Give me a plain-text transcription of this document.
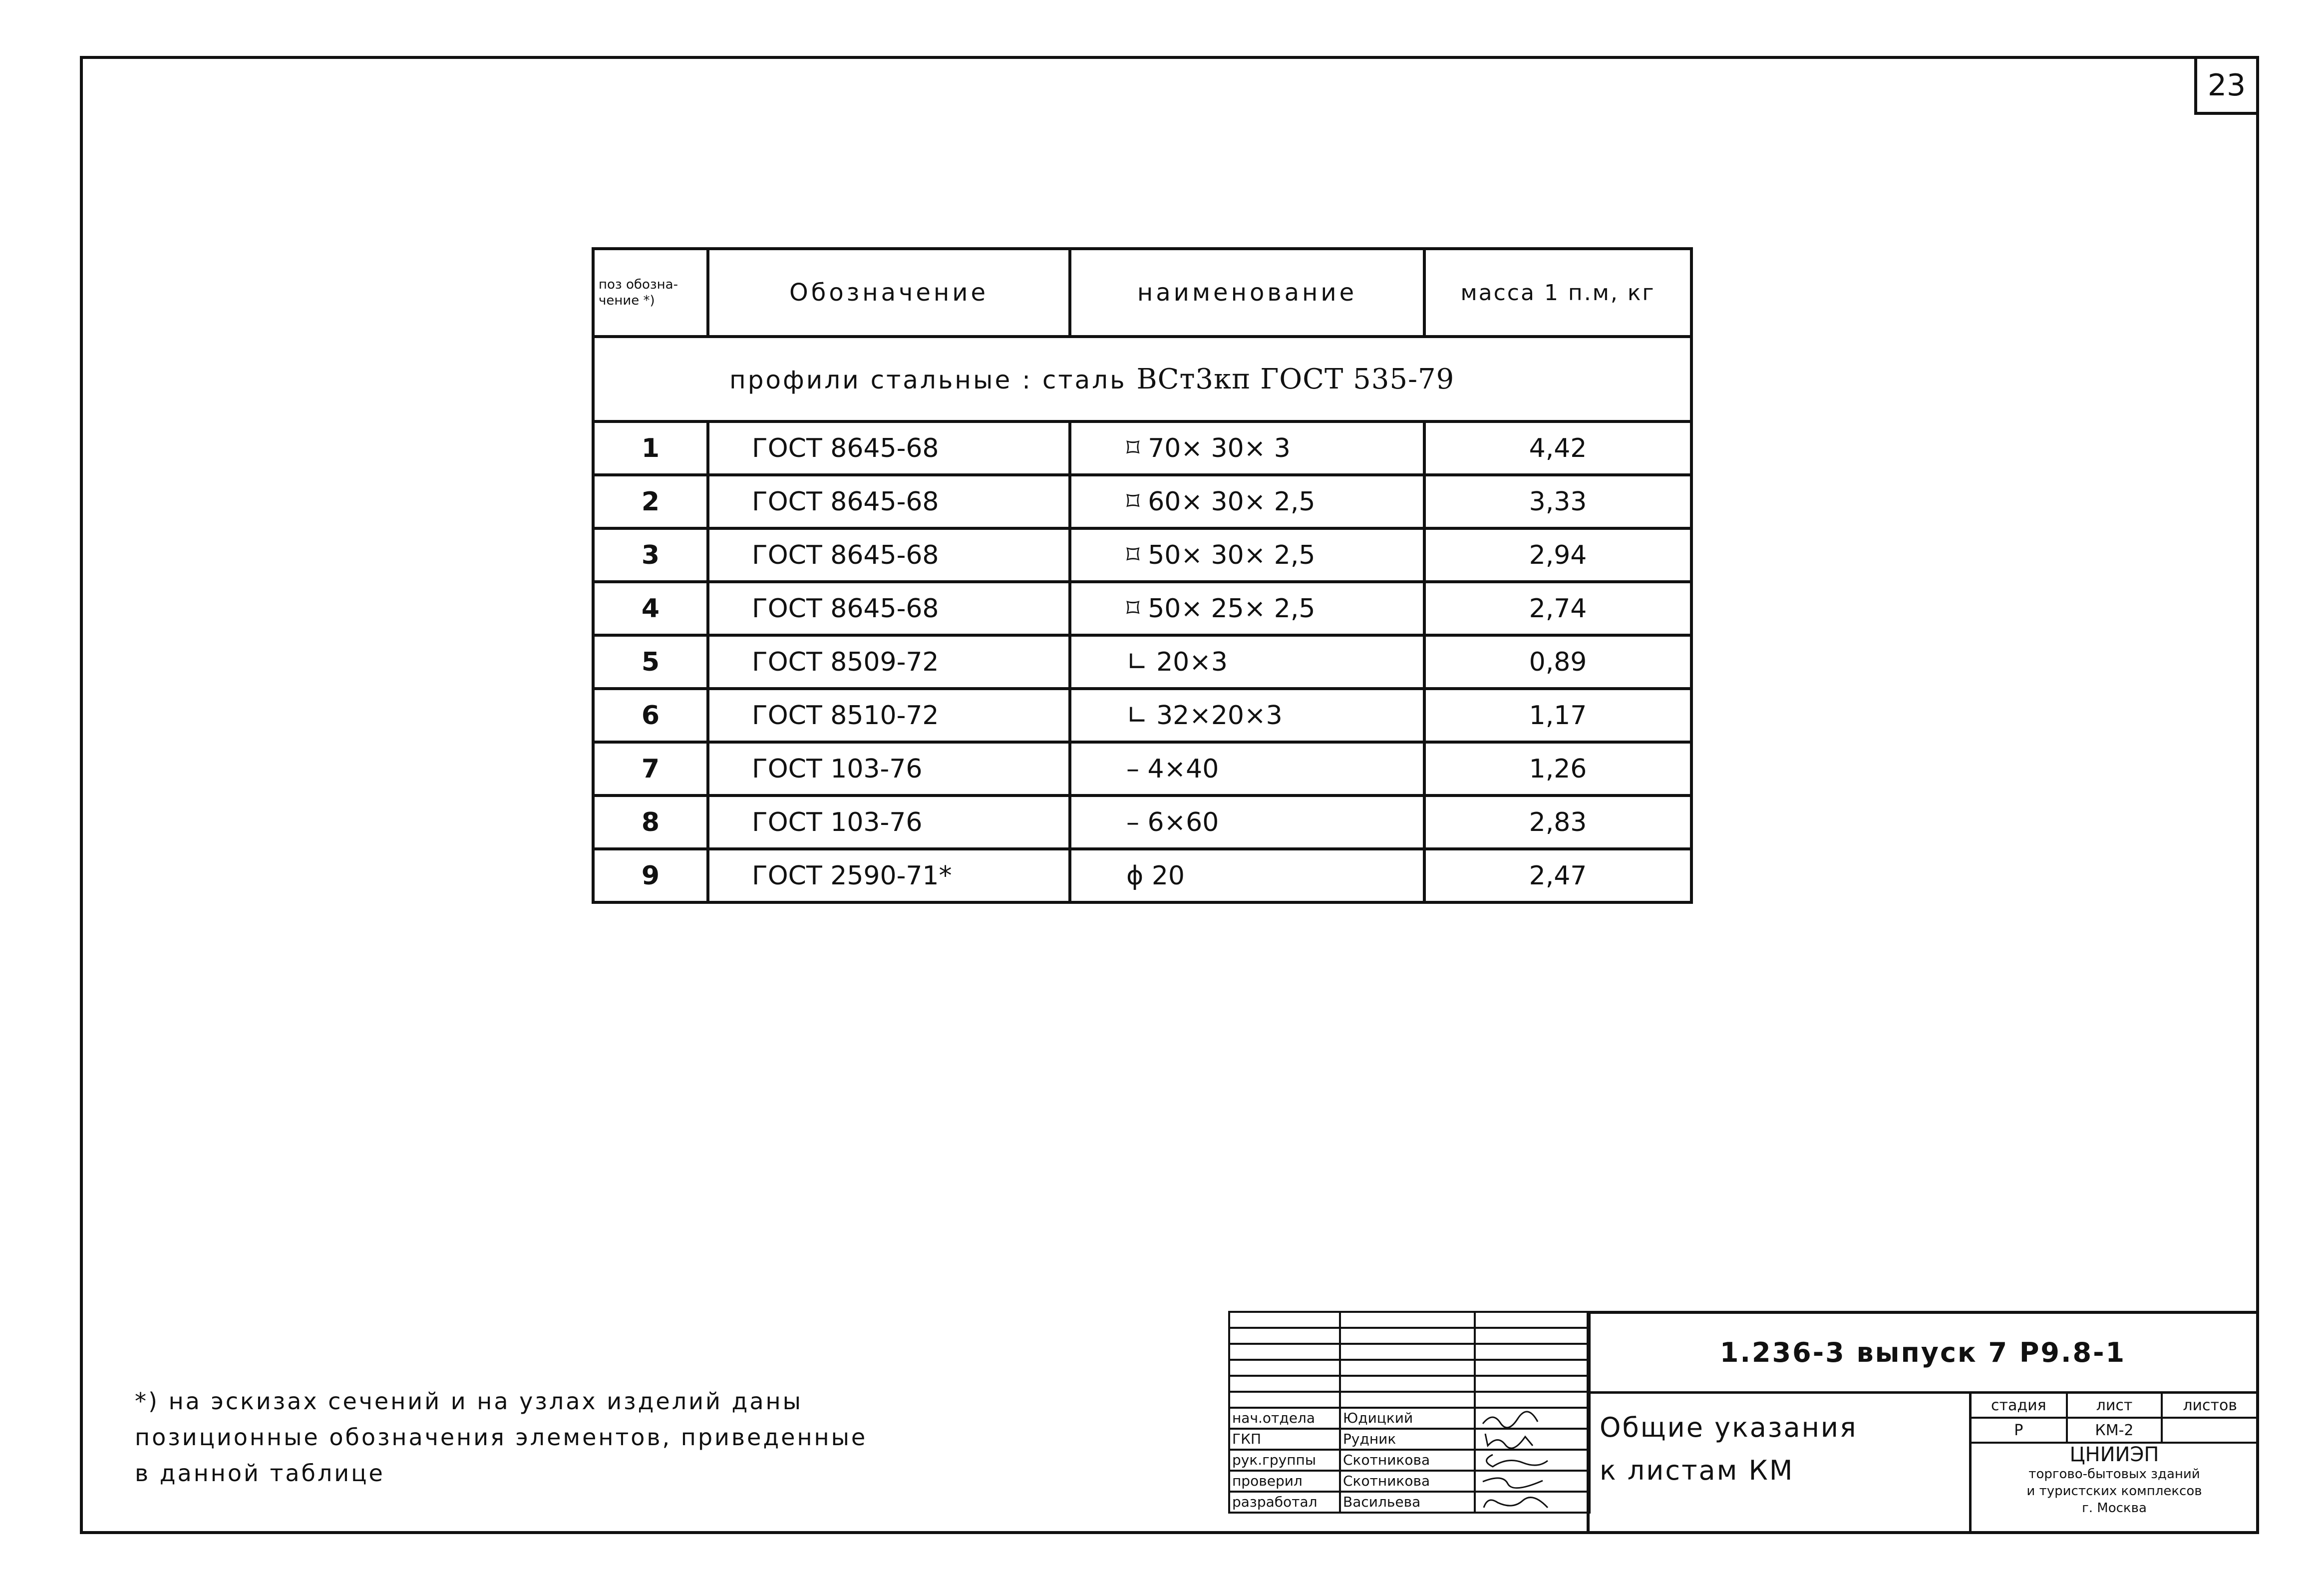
23
поз обозна-чение *)	Обозначение	наименование	масса 1 п.м, кг
профили стальные : сталь ВСт3кп ГОСТ 535-79			
1	ГОСТ 8645-68	⌑ 70× 30× 3	4,42
2	ГОСТ 8645-68	⌑ 60× 30× 2,5	3,33
3	ГОСТ 8645-68	⌑ 50× 30× 2,5	2,94
4	ГОСТ 8645-68	⌑ 50× 25× 2,5	2,74
5	ГОСТ 8509-72	∟ 20×3	0,89
6	ГОСТ 8510-72	∟ 32×20×3	1,17
7	ГОСТ 103-76	– 4×40	1,26
8	ГОСТ 103-76	– 6×60	2,83
9	ГОСТ 2590-71*	ϕ 20	2,47
*) на эскизах сечений и на узлах изделий даны позиционные обозначения элементов, приведенные в данной таблице

нач.отдела	Юдицкий	

ГКП	Рудник	

рук.группы	Скотникова	

проверил	Скотникова	

разработал	Васильева	
1.236-3 выпуск 7 Р9.8-1
Общие указания
к листам КМ
стадия	лист	листов
Р	КМ-2	
ЦНИИЭП
торгово-бытовых зданий
и туристских комплексов
г. Москва
